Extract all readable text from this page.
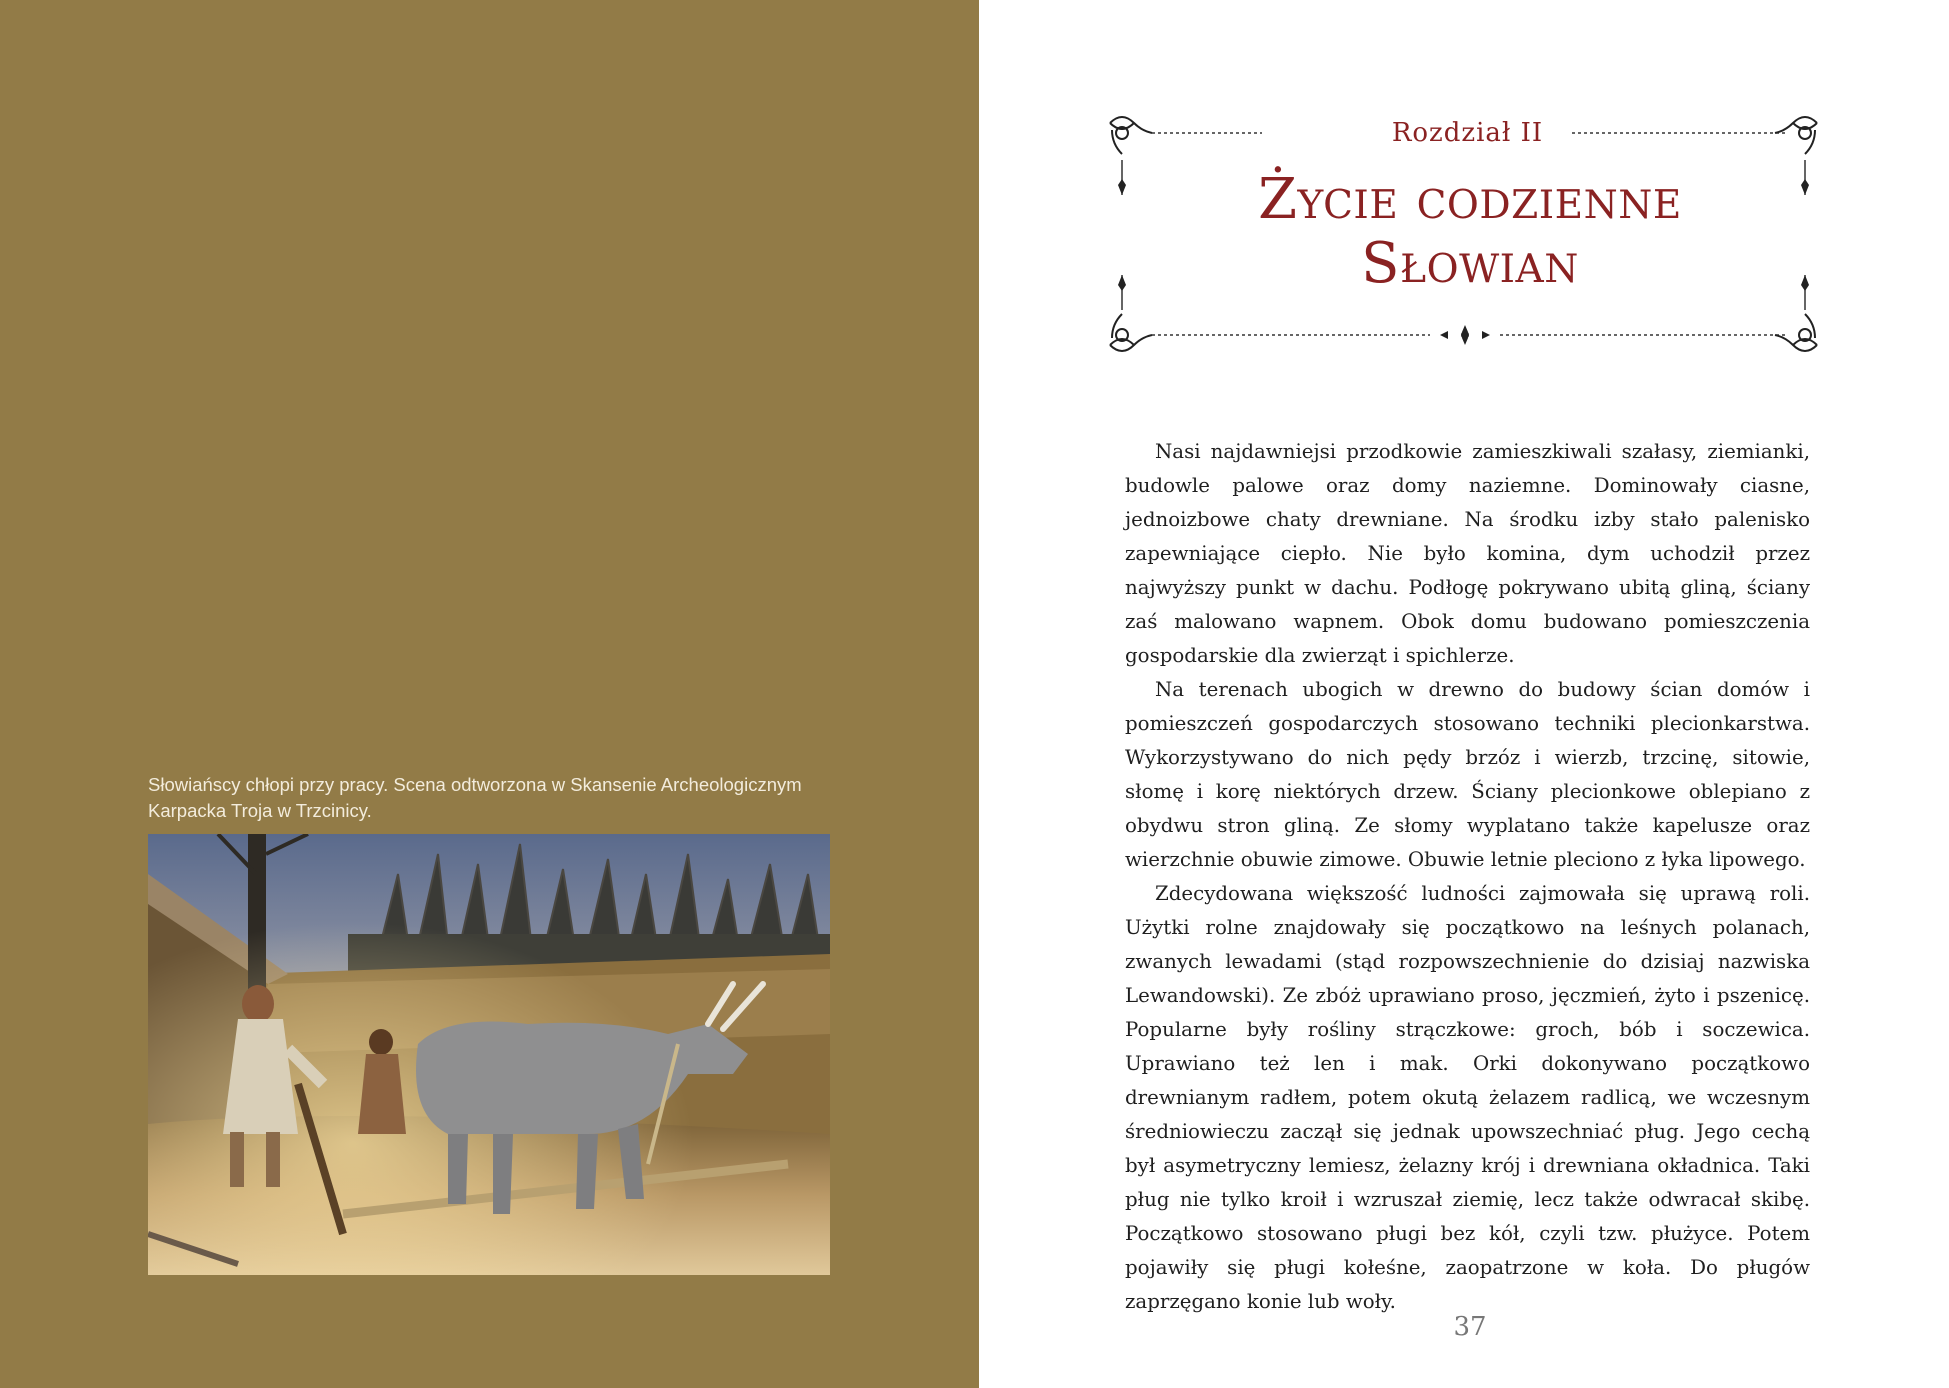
Słowiańscy chłopi przy pracy. Scena odtworzona w Skansenie Archeologicznym
Karpacka Troja w Trzcinicy.
Rozdział II
Życie codzienne
Słowian

Nasi najdawniejsi przodkowie zamieszkiwali szałasy, ziemianki, budowle palowe oraz domy naziemne. Dominowały ciasne, jednoizbowe chaty drewniane. Na środku izby stało palenisko zapewniające ciepło. Nie było komina, dym uchodził przez najwyższy punkt w dachu. Podłogę pokrywano ubitą gliną, ściany zaś malowano wapnem. Obok domu budowano pomieszczenia gospodarskie dla zwierząt i spichlerze.

Na terenach ubogich w drewno do budowy ścian domów i pomieszczeń gospodarczych stosowano techniki plecionkarstwa. Wykorzystywano do nich pędy brzóz i wierzb, trzcinę, sitowie, słomę i korę niektórych drzew. Ściany plecionkowe oblepiano z obydwu stron gliną. Ze słomy wyplatano także kapelusze oraz wierzchnie obuwie zimowe. Obuwie letnie pleciono z łyka lipowego.

Zdecydowana większość ludności zajmowała się uprawą roli. Użytki rolne znajdowały się początkowo na leśnych polanach, zwanych lewadami (stąd rozpowszechnienie do dzisiaj nazwiska Lewandowski). Ze zbóż uprawiano proso, jęczmień, żyto i pszenicę. Popularne były rośliny strączkowe: groch, bób i soczewica. Uprawiano też len i mak. Orki dokonywano początkowo drewnianym radłem, potem okutą żelazem radlicą, we wczesnym średniowieczu zaczął się jednak upowszechniać pług. Jego cechą był asymetryczny lemiesz, żelazny krój i drewniana okładnica. Taki pług nie tylko kroił i wzruszał ziemię, lecz także odwracał skibę. Początkowo stosowano pługi bez kół, czyli tzw. płużyce. Potem pojawiły się pługi kołeśne, zaopatrzone w koła. Do pługów zaprzęgano konie lub woły.

37
